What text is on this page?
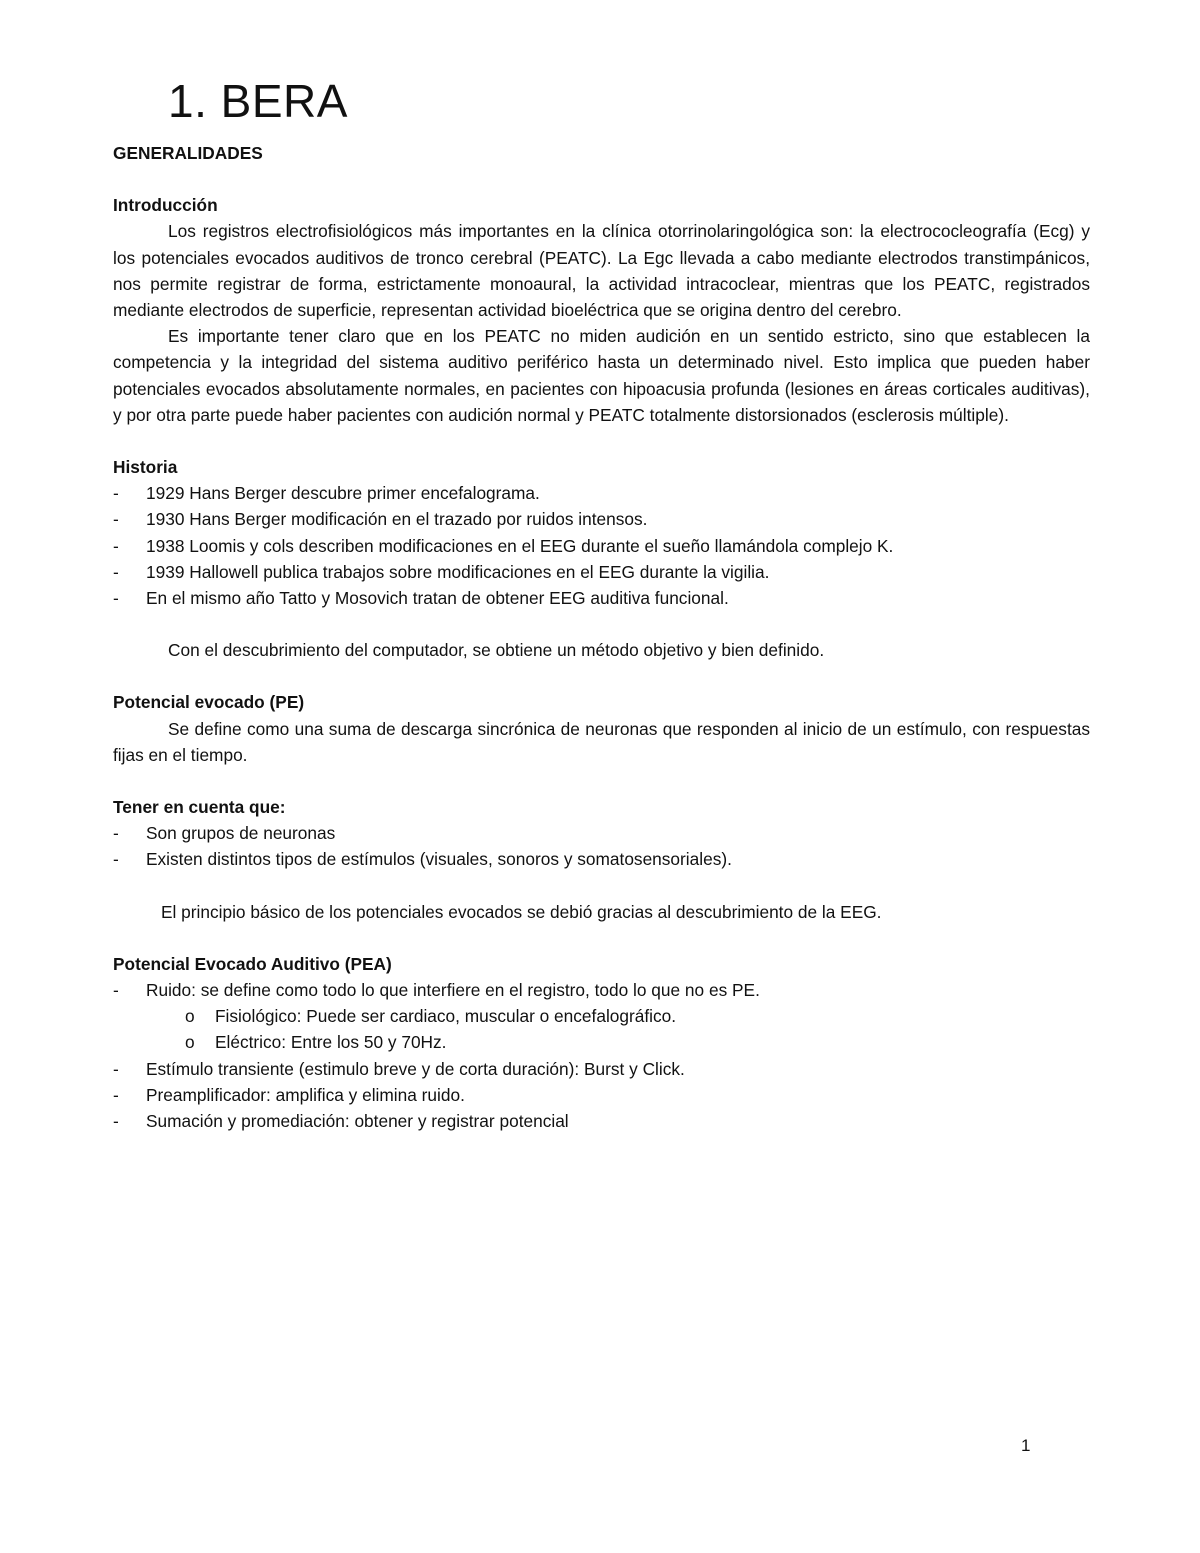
1. BERA
GENERALIDADES
Introducción

Los registros electrofisiológicos más importantes en la clínica otorrinolaringológica son: la electrococleografía (Ecg) y los potenciales evocados auditivos de tronco cerebral (PEATC). La Egc llevada a cabo mediante electrodos transtimpánicos, nos permite registrar de forma, estrictamente monoaural, la actividad intracoclear, mientras que los PEATC, registrados mediante electrodos de superficie, representan actividad bioeléctrica que se origina dentro del cerebro.

Es importante tener claro que en los PEATC no miden audición en un sentido estricto, sino que establecen la competencia y la integridad del sistema auditivo periférico hasta un determinado nivel. Esto implica que pueden haber potenciales evocados absolutamente normales, en pacientes con hipoacusia profunda (lesiones en áreas corticales auditivas), y por otra parte puede haber pacientes con audición normal y PEATC totalmente distorsionados (esclerosis múltiple).

Historia
- 1929 Hans Berger descubre primer encefalograma.
- 1930 Hans Berger modificación en el trazado por ruidos intensos.
- 1938 Loomis y cols describen modificaciones en el EEG durante el sueño llamándola complejo K.
- 1939 Hallowell publica trabajos sobre modificaciones en el EEG durante la vigilia.
- En el mismo año Tatto y Mosovich tratan de obtener EEG auditiva funcional.

Con el descubrimiento del computador, se obtiene un método objetivo y bien definido.

Potencial evocado (PE)

Se define como una suma de descarga sincrónica de neuronas que responden al inicio de un estímulo, con respuestas fijas en el tiempo.

Tener en cuenta que:
- Son grupos de neuronas
- Existen distintos tipos de estímulos (visuales, sonoros y somatosensoriales).

El principio básico de los potenciales evocados se debió gracias al descubrimiento de la EEG.

Potencial Evocado Auditivo (PEA)
- Ruido: se define como todo lo que interfiere en el registro, todo lo que no es PE.
o Fisiológico: Puede ser cardiaco, muscular o encefalográfico.
o Eléctrico: Entre los 50 y 70Hz.
- Estímulo transiente (estimulo breve y de corta duración): Burst y Click.
- Preamplificador: amplifica y elimina ruido.
- Sumación y promediación: obtener y registrar potencial
1
